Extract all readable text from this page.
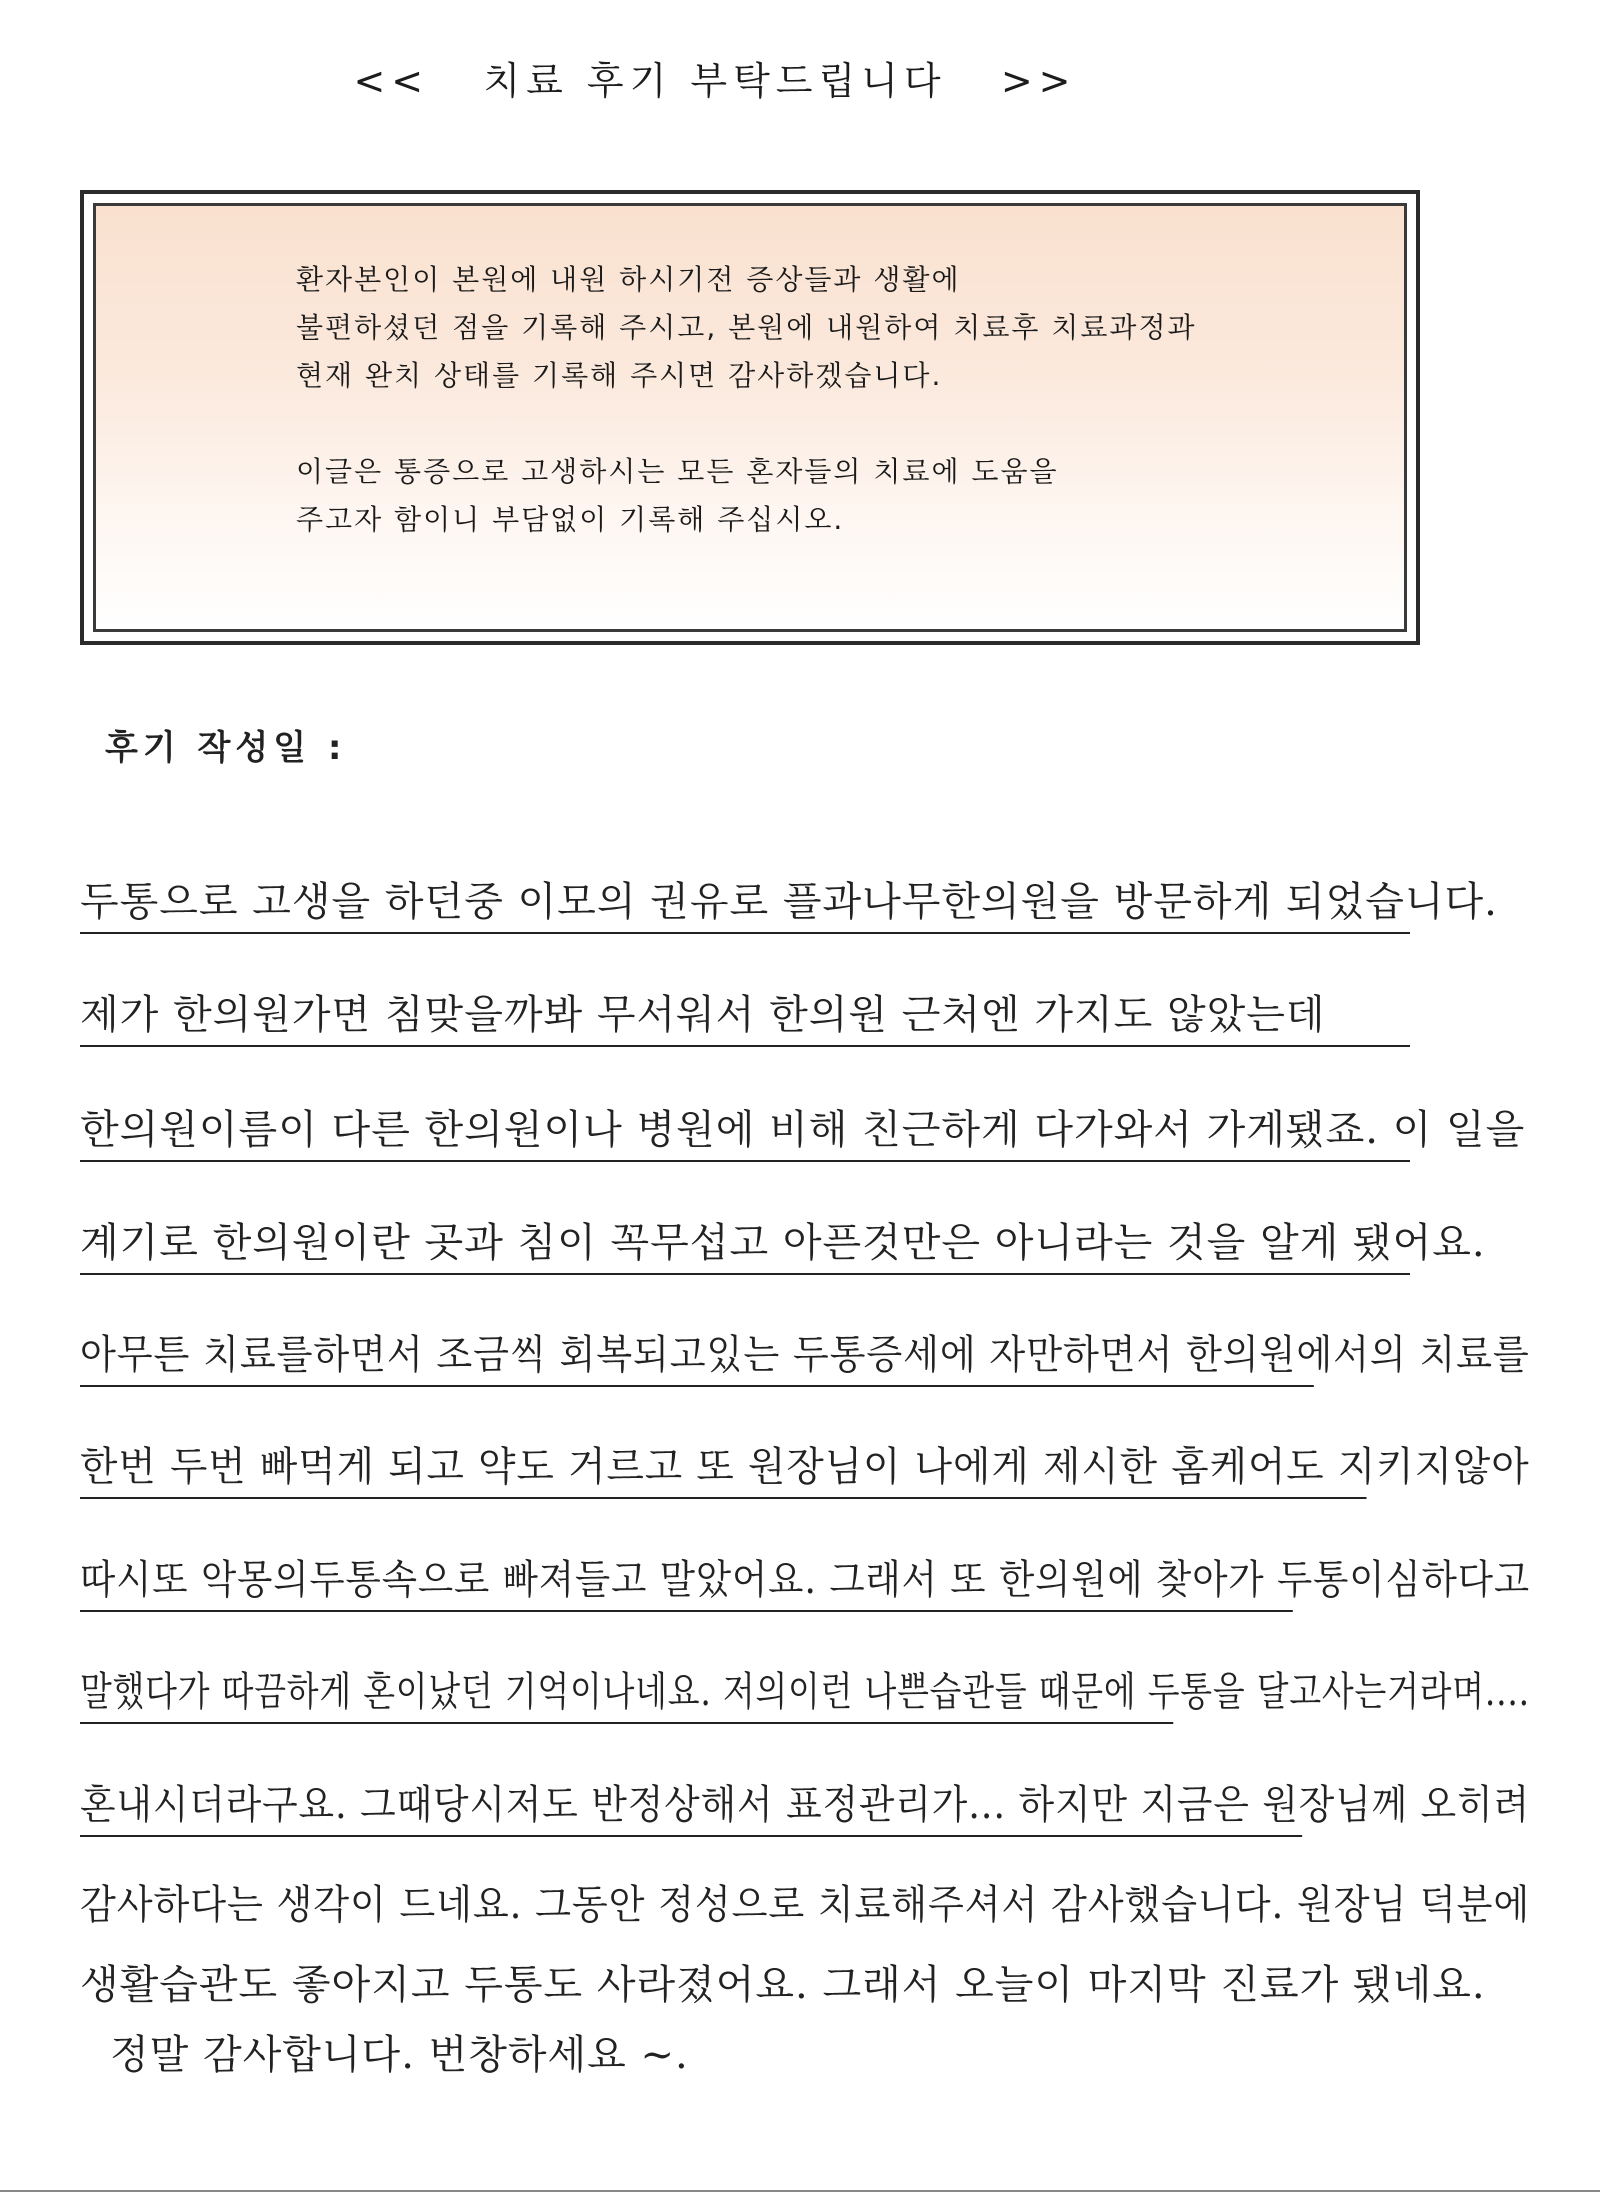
<<   치료 후기 부탁드립니다   >>

환자본인이 본원에 내원 하시기전 증상들과 생활에

불편하셨던 점을 기록해 주시고, 본원에 내원하여 치료후 치료과정과

현재 완치 상태를 기록해 주시면 감사하겠습니다.

이글은 통증으로 고생하시는 모든 혼자들의 치료에 도움을

주고자 함이니 부담없이 기록해 주십시오.

후기 작성일 :
두통으로 고생을 하던중 이모의 권유로 플과나무한의원을 방문하게 되었습니다.
제가 한의원가면 침맞을까봐 무서워서 한의원 근처엔 가지도 않았는데
한의원이름이 다른 한의원이나 병원에 비해 친근하게 다가와서 가게됐죠. 이 일을
계기로 한의원이란 곳과 침이 꼭무섭고 아픈것만은 아니라는 것을 알게 됐어요.
아무튼 치료를하면서 조금씩 회복되고있는 두통증세에 자만하면서 한의원에서의 치료를
한번 두번 빠먹게 되고 약도 거르고 또 원장님이 나에게 제시한 홈케어도 지키지않아
따시또 악몽의두통속으로 빠져들고 말았어요. 그래서 또 한의원에 찾아가 두통이심하다고
말했다가 따끔하게 혼이났던 기억이나네요. 저의이런 나쁜습관들 때문에 두통을 달고사는거라며....
혼내시더라구요. 그때당시저도 반정상해서 표정관리가... 하지만 지금은 원장님께 오히려
감사하다는 생각이 드네요. 그동안 정성으로 치료해주셔서 감사했습니다. 원장님 덕분에
생활습관도 좋아지고 두통도 사라졌어요. 그래서 오늘이 마지막 진료가 됐네요.
정말 감사합니다. 번창하세요 ~.
